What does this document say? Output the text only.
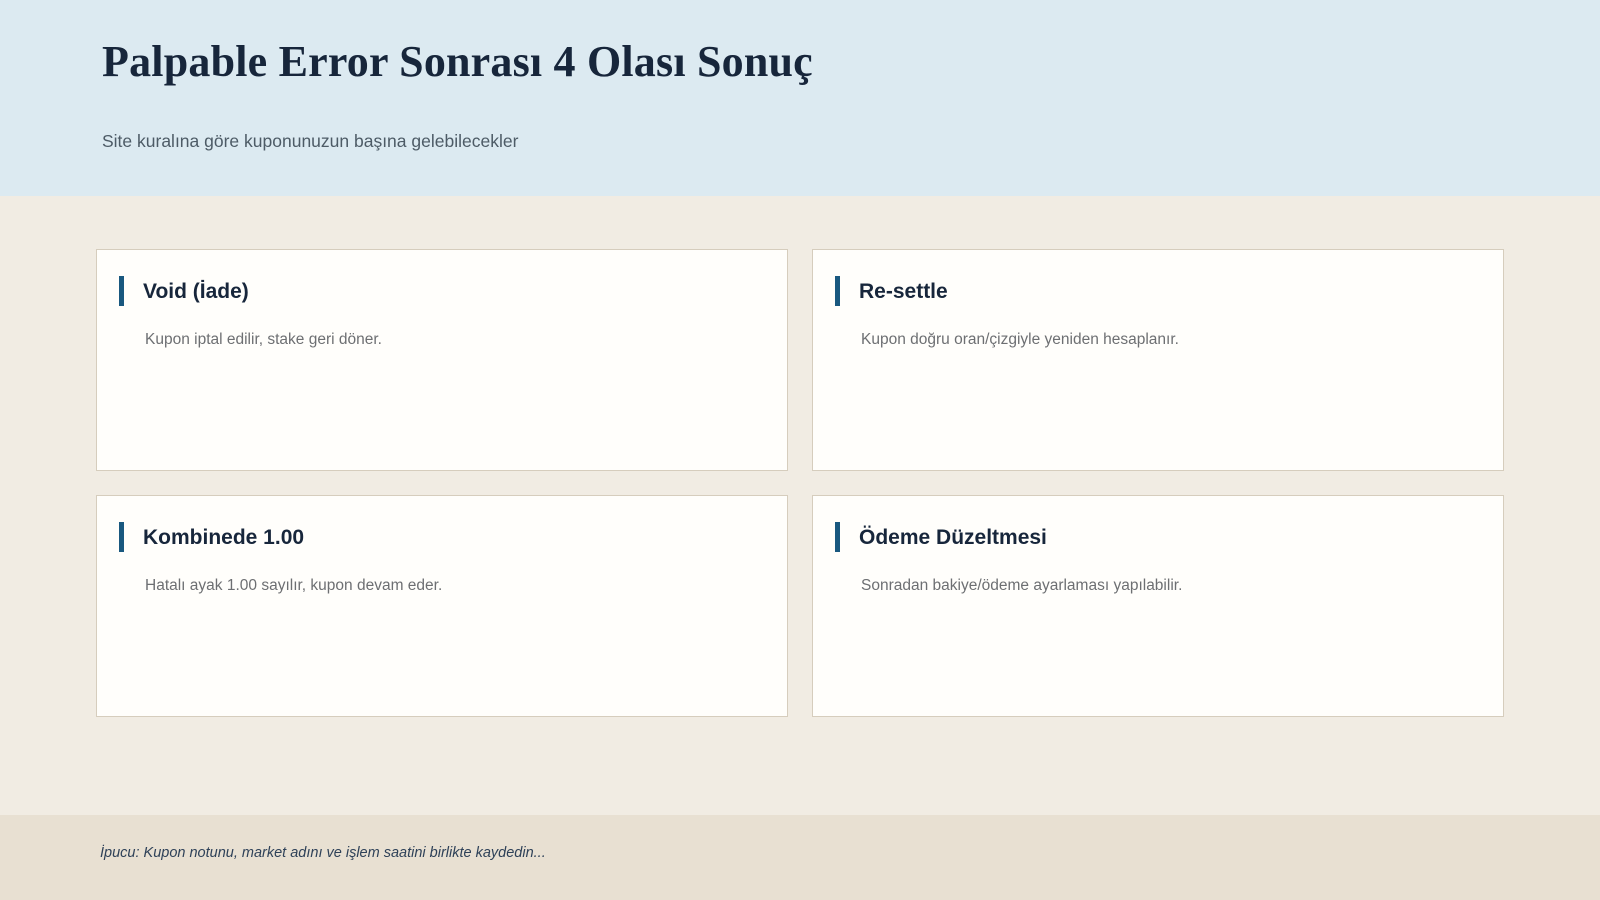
Palpable Error Sonrası 4 Olası Sonuç
Site kuralına göre kuponunuzun başına gelebilecekler
Void (İade)
Kupon iptal edilir, stake geri döner.
Re-settle
Kupon doğru oran/çizgiyle yeniden hesaplanır.
Kombinede 1.00
Hatalı ayak 1.00 sayılır, kupon devam eder.
Ödeme Düzeltmesi
Sonradan bakiye/ödeme ayarlaması yapılabilir.
İpucu: Kupon notunu, market adını ve işlem saatini birlikte kaydedin...
